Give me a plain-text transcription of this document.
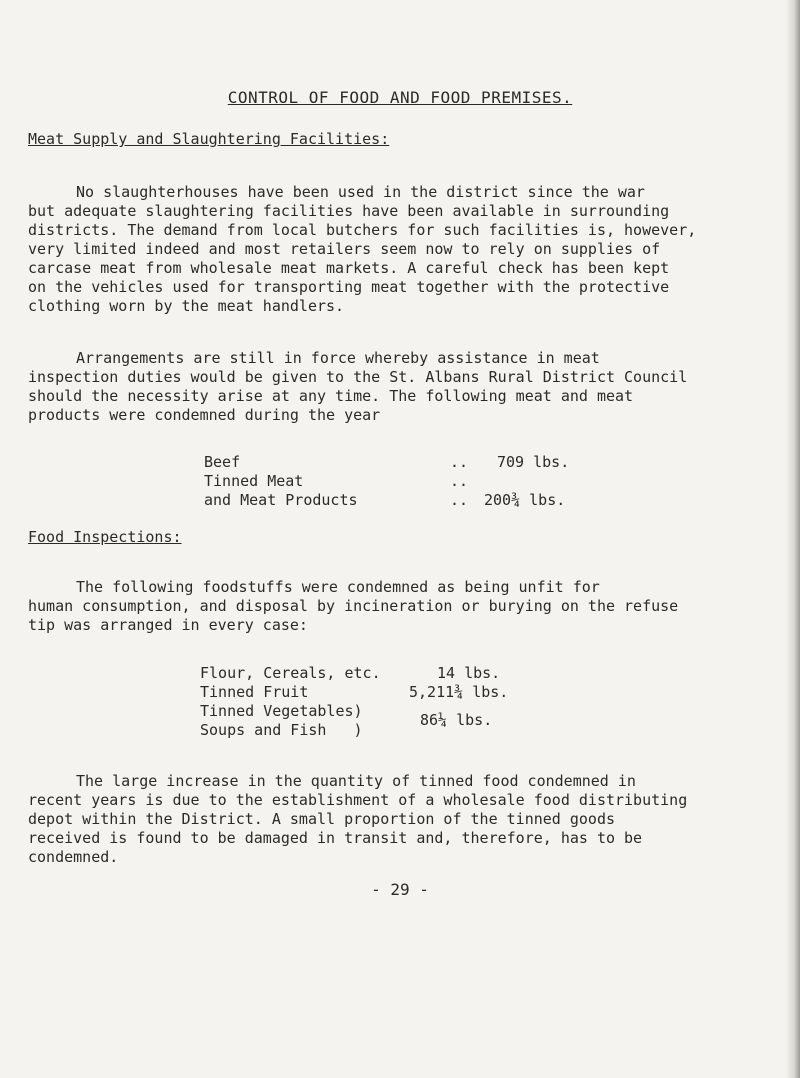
CONTROL OF FOOD AND FOOD PREMISES.
Meat Supply and Slaughtering Facilities:
No slaughterhouses have been used in the district since the war
but adequate slaughtering facilities have been available in surrounding
districts. The demand from local butchers for such facilities is, however,
very limited indeed and most retailers seem now to rely on supplies of
carcase meat from wholesale meat markets. A careful check has been kept
on the vehicles used for transporting meat together with the protective
clothing worn by the meat handlers.
Arrangements are still in force whereby assistance in meat
inspection duties would be given to the St. Albans Rural District Council
should the necessity arise at any time. The following meat and meat
products were condemned during the year
Beef	.. 709 lbs.
Tinned Meat	..
and Meat Products	.. 200¾ lbs.
Food Inspections:
The following foodstuffs were condemned as being unfit for
human consumption, and disposal by incineration or burying on the refuse
tip was arranged in every case:
Flour, Cereals, etc.	14 lbs.
Tinned Fruit	5,211¾ lbs.
Tinned Vegetables)
Soups and Fish   )
86¼ lbs.
The large increase in the quantity of tinned food condemned in
recent years is due to the establishment of a wholesale food distributing
depot within the District. A small proportion of the tinned goods
received is found to be damaged in transit and, therefore, has to be
condemned.
- 29 -
